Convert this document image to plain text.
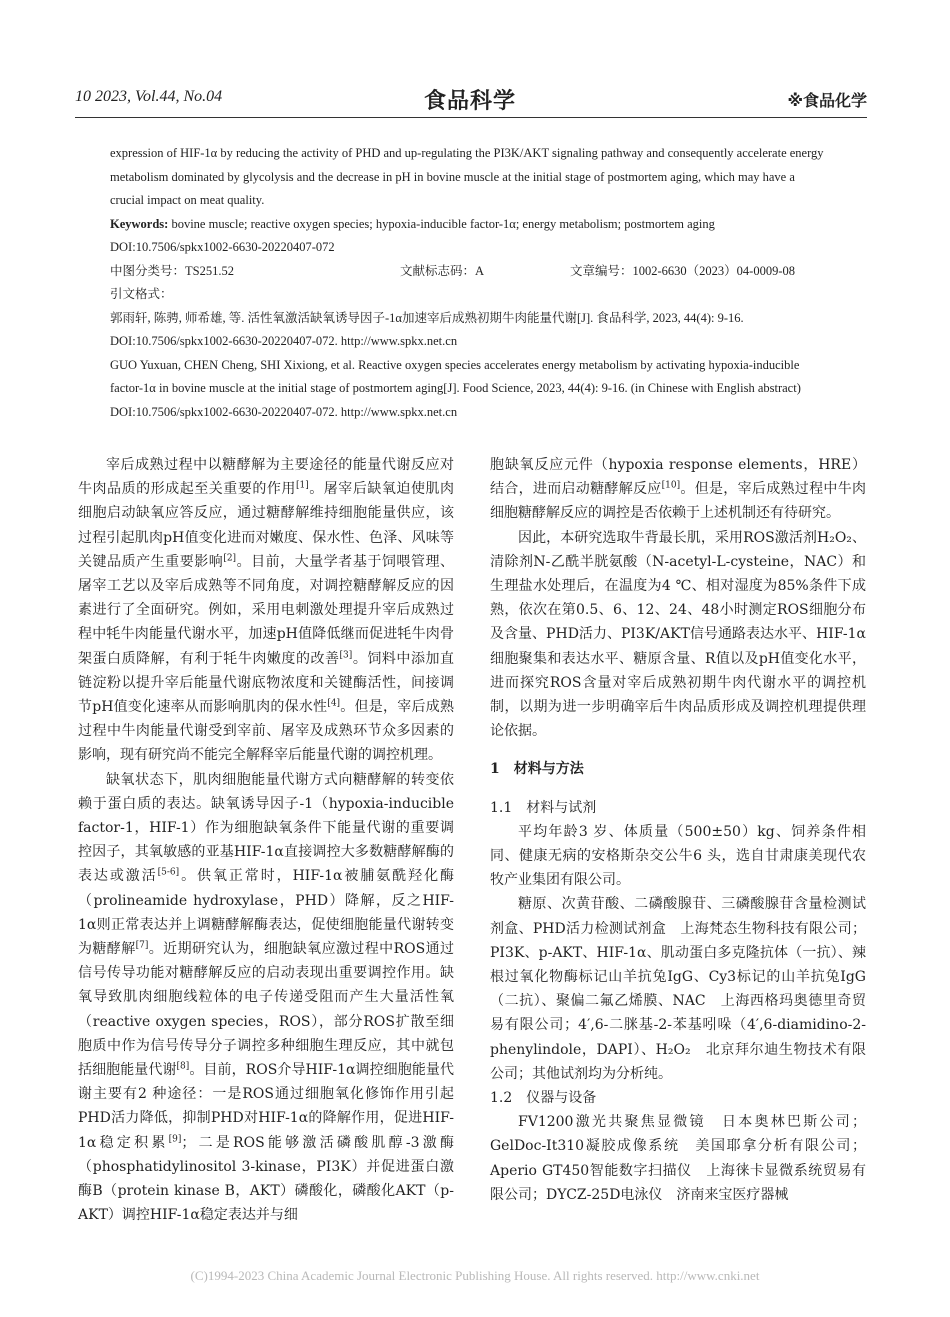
10 2023, Vol.44, No.04	食品科学	※食品化学

expression of HIF-1α by reducing the activity of PHD and up-regulating the PI3K/AKT signaling pathway and consequently accelerate energy metabolism dominated by glycolysis and the decrease in pH in bovine muscle at the initial stage of postmortem aging, which may have a crucial impact on meat quality.

Keywords: bovine muscle; reactive oxygen species; hypoxia-inducible factor-1α; energy metabolism; postmortem aging

DOI:10.7506/spkx1002-6630-20220407-072

中图分类号：TS251.52	文献标志码：A	文章编号：1002-6630（2023）04-0009-08

引文格式：

郭雨轩, 陈骋, 师希雄, 等. 活性氧激活缺氧诱导因子-1α加速宰后成熟初期牛肉能量代谢[J]. 食品科学, 2023, 44(4): 9-16. DOI:10.7506/spkx1002-6630-20220407-072. http://www.spkx.net.cn

GUO Yuxuan, CHEN Cheng, SHI Xixiong, et al. Reactive oxygen species accelerates energy metabolism by activating hypoxia-inducible factor-1α in bovine muscle at the initial stage of postmortem aging[J]. Food Science, 2023, 44(4): 9-16. (in Chinese with English abstract) DOI:10.7506/spkx1002-6630-20220407-072. http://www.spkx.net.cn

宰后成熟过程中以糖酵解为主要途径的能量代谢反应对牛肉品质的形成起至关重要的作用[1]。屠宰后缺氧迫使肌肉细胞启动缺氧应答反应，通过糖酵解维持细胞能量供应，该过程引起肌肉pH值变化进而对嫩度、保水性、色泽、风味等关键品质产生重要影响[2]。目前，大量学者基于饲喂管理、屠宰工艺以及宰后成熟等不同角度，对调控糖酵解反应的因素进行了全面研究。例如，采用电刺激处理提升宰后成熟过程中牦牛肉能量代谢水平，加速pH值降低继而促进牦牛肉骨架蛋白质降解，有利于牦牛肉嫩度的改善[3]。饲料中添加直链淀粉以提升宰后能量代谢底物浓度和关键酶活性，间接调节pH值变化速率从而影响肌肉的保水性[4]。但是，宰后成熟过程中牛肉能量代谢受到宰前、屠宰及成熟环节众多因素的影响，现有研究尚不能完全解释宰后能量代谢的调控机理。

缺氧状态下，肌肉细胞能量代谢方式向糖酵解的转变依赖于蛋白质的表达。缺氧诱导因子-1（hypoxia-inducible factor-1，HIF-1）作为细胞缺氧条件下能量代谢的重要调控因子，其氧敏感的亚基HIF-1α直接调控大多数糖酵解酶的表达或激活[5-6]。供氧正常时，HIF-1α被脯氨酰羟化酶（prolineamide hydroxylase，PHD）降解，反之HIF-1α则正常表达并上调糖酵解酶表达，促使细胞能量代谢转变为糖酵解[7]。近期研究认为，细胞缺氧应激过程中ROS通过信号传导功能对糖酵解反应的启动表现出重要调控作用。缺氧导致肌肉细胞线粒体的电子传递受阻而产生大量活性氧（reactive oxygen species，ROS），部分ROS扩散至细胞质中作为信号传导分子调控多种细胞生理反应，其中就包括细胞能量代谢[8]。目前，ROS介导HIF-1α调控细胞能量代谢主要有2 种途径：一是ROS通过细胞氧化修饰作用引起PHD活力降低，抑制PHD对HIF-1α的降解作用，促进HIF-1α稳定积累[9]；二是ROS能够激活磷酸肌醇-3激酶（phosphatidylinositol 3-kinase，PI3K）并促进蛋白激酶B（protein kinase B，AKT）磷酸化，磷酸化AKT（p-AKT）调控HIF-1α稳定表达并与细

胞缺氧反应元件（hypoxia response elements，HRE）结合，进而启动糖酵解反应[10]。但是，宰后成熟过程中牛肉细胞糖酵解反应的调控是否依赖于上述机制还有待研究。

因此，本研究选取牛背最长肌，采用ROS激活剂H₂O₂、清除剂N-乙酰半胱氨酸（N-acetyl-L-cysteine，NAC）和生理盐水处理后，在温度为4 ℃、相对湿度为85%条件下成熟，依次在第0.5、6、12、24、48小时测定ROS细胞分布及含量、PHD活力、PI3K/AKT信号通路表达水平、HIF-1α细胞聚集和表达水平、糖原含量、R值以及pH值变化水平，进而探究ROS含量对宰后成熟初期牛肉代谢水平的调控机制，以期为进一步明确宰后牛肉品质形成及调控机理提供理论依据。

1　材料与方法

1.1　材料与试剂

平均年龄3 岁、体质量（500±50）kg、饲养条件相同、健康无病的安格斯杂交公牛6 头，选自甘肃康美现代农牧产业集团有限公司。

糖原、次黄苷酸、二磷酸腺苷、三磷酸腺苷含量检测试剂盒、PHD活力检测试剂盒　上海梵态生物科技有限公司；PI3K、p-AKT、HIF-1α、肌动蛋白多克隆抗体（一抗）、辣根过氧化物酶标记山羊抗兔IgG、Cy3标记的山羊抗兔IgG（二抗）、聚偏二氟乙烯膜、NAC　上海西格玛奥德里奇贸易有限公司；4′,6-二脒基-2-苯基吲哚（4′,6-diamidino-2-phenylindole，DAPI）、H₂O₂　北京拜尔迪生物技术有限公司；其他试剂均为分析纯。

1.2　仪器与设备

FV1200激光共聚焦显微镜　日本奥林巴斯公司；GelDoc-It310凝胶成像系统　美国耶拿分析有限公司；Aperio GT450智能数字扫描仪　上海徕卡显微系统贸易有限公司；DYCZ-25D电泳仪　济南来宝医疗器械

(C)1994-2023 China Academic Journal Electronic Publishing House. All rights reserved. http://www.cnki.net
